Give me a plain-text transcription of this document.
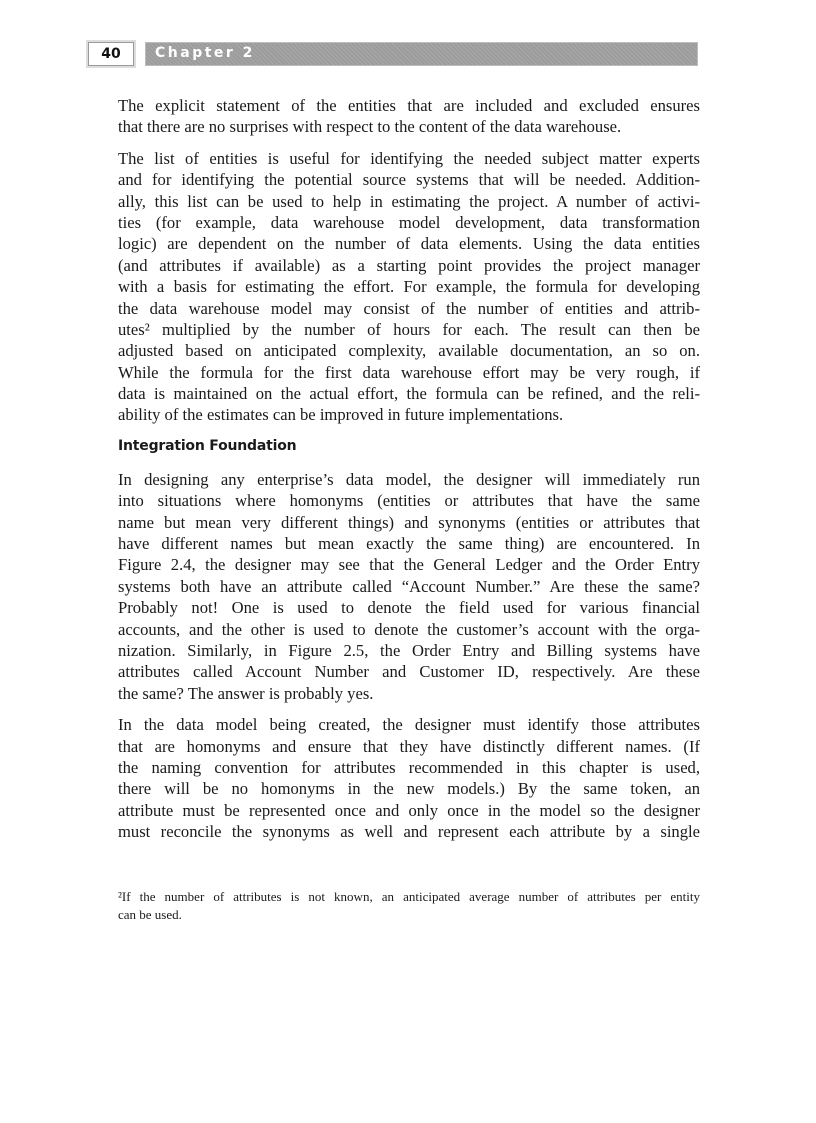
40	Chapter 2
The explicit statement of the entities that are included and excluded ensures
that there are no surprises with respect to the content of the data warehouse.
The list of entities is useful for identifying the needed subject matter experts
and for identifying the potential source systems that will be needed. Addition-
ally, this list can be used to help in estimating the project. A number of activi-
ties (for example, data warehouse model development, data transformation
logic) are dependent on the number of data elements. Using the data entities
(and attributes if available) as a starting point provides the project manager
with a basis for estimating the effort. For example, the formula for developing
the data warehouse model may consist of the number of entities and attrib-
utes² multiplied by the number of hours for each. The result can then be
adjusted based on anticipated complexity, available documentation, an so on.
While the formula for the first data warehouse effort may be very rough, if
data is maintained on the actual effort, the formula can be refined, and the reli-
ability of the estimates can be improved in future implementations.
Integration Foundation
In designing any enterprise’s data model, the designer will immediately run
into situations where homonyms (entities or attributes that have the same
name but mean very different things) and synonyms (entities or attributes that
have different names but mean exactly the same thing) are encountered. In
Figure 2.4, the designer may see that the General Ledger and the Order Entry
systems both have an attribute called “Account Number.” Are these the same?
Probably not! One is used to denote the field used for various financial
accounts, and the other is used to denote the customer’s account with the orga-
nization. Similarly, in Figure 2.5, the Order Entry and Billing systems have
attributes called Account Number and Customer ID, respectively. Are these
the same? The answer is probably yes.
In the data model being created, the designer must identify those attributes
that are homonyms and ensure that they have distinctly different names. (If
the naming convention for attributes recommended in this chapter is used,
there will be no homonyms in the new models.) By the same token, an
attribute must be represented once and only once in the model so the designer
must reconcile the synonyms as well and represent each attribute by a single
²If the number of attributes is not known, an anticipated average number of attributes per entity
can be used.
